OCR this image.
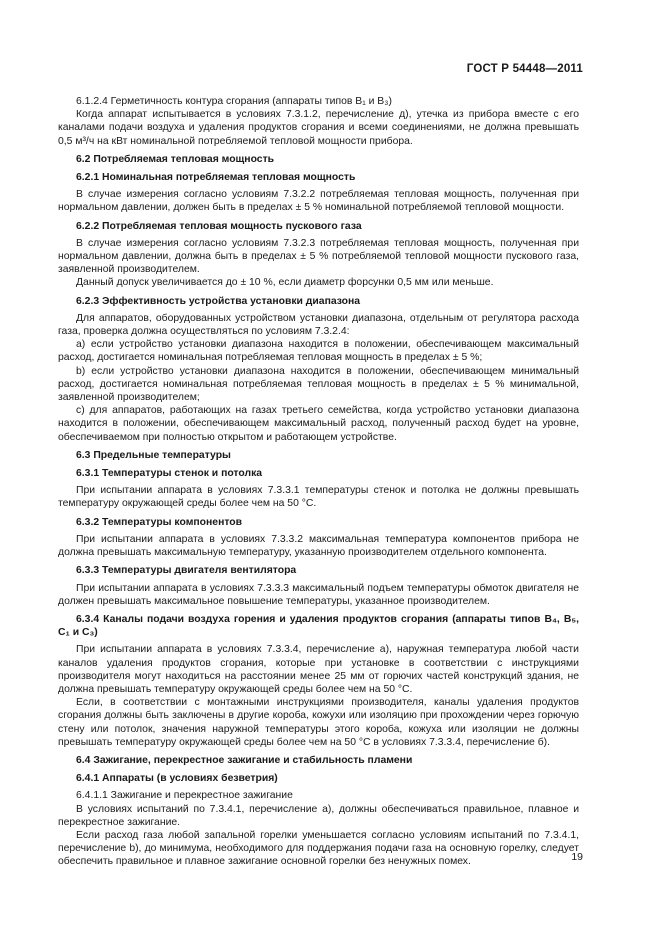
ГОСТ Р 54448—2011

6.1.2.4 Герметичность контура сгорания (аппараты типов B₁ и B₃)

Когда аппарат испытывается в условиях 7.3.1.2, перечисление д), утечка из прибора вместе с его каналами подачи воздуха и удаления продуктов сгорания и всеми соединениями, не должна превышать 0,5 м³/ч на кВт номинальной потребляемой тепловой мощности прибора.

6.2 Потребляемая тепловая мощность

6.2.1 Номинальная потребляемая тепловая мощность

В случае измерения согласно условиям 7.3.2.2 потребляемая тепловая мощность, полученная при нормальном давлении, должен быть в пределах ± 5 % номинальной потребляемой тепловой мощности.

6.2.2 Потребляемая тепловая мощность пускового газа

В случае измерения согласно условиям 7.3.2.3 потребляемая тепловая мощность, полученная при нормальном давлении, должна быть в пределах ± 5 % потребляемой тепловой мощности пускового газа, заявленной производителем.

Данный допуск увеличивается до ± 10 %, если диаметр форсунки 0,5 мм или меньше.

6.2.3 Эффективность устройства установки диапазона

Для аппаратов, оборудованных устройством установки диапазона, отдельным от регулятора расхода газа, проверка должна осуществляться по условиям 7.3.2.4:

а) если устройство установки диапазона находится в положении, обеспечивающем максимальный расход, достигается номинальная потребляемая тепловая мощность в пределах ± 5 %;

b) если устройство установки диапазона находится в положении, обеспечивающем минимальный расход, достигается номинальная потребляемая тепловая мощность в пределах ± 5 % минимальной, заявленной производителем;

с) для аппаратов, работающих на газах третьего семейства, когда устройство установки диапазона находится в положении, обеспечивающем максимальный расход, полученный расход будет на уровне, обеспечиваемом при полностью открытом и работающем устройстве.

6.3 Предельные температуры

6.3.1 Температуры стенок и потолка

При испытании аппарата в условиях 7.3.3.1 температуры стенок и потолка не должны превышать температуру окружающей среды более чем на 50 °С.

6.3.2 Температуры компонентов

При испытании аппарата в условиях 7.3.3.2 максимальная температура компонентов прибора не должна превышать максимальную температуру, указанную производителем отдельного компонента.

6.3.3 Температуры двигателя вентилятора

При испытании аппарата в условиях 7.3.3.3 максимальный подъем температуры обмоток двигателя не должен превышать максимальное повышение температуры, указанное производителем.

6.3.4 Каналы подачи воздуха горения и удаления продуктов сгорания (аппараты типов B₄, B₅, C₁ и C₃)

При испытании аппарата в условиях 7.3.3.4, перечисление а), наружная температура любой части каналов удаления продуктов сгорания, которые при установке в соответствии с инструкциями производителя могут находиться на расстоянии менее 25 мм от горючих частей конструкций здания, не должна превышать температуру окружающей среды более чем на 50 °С.

Если, в соответствии с монтажными инструкциями производителя, каналы удаления продуктов сгорания должны быть заключены в другие короба, кожухи или изоляцию при прохождении через горючую стену или потолок, значения наружной температуры этого короба, кожуха или изоляции не должны превышать температуру окружающей среды более чем на 50 °С в условиях 7.3.3.4, перечисление б).

6.4 Зажигание, перекрестное зажигание и стабильность пламени

6.4.1 Аппараты (в условиях безветрия)

6.4.1.1 Зажигание и перекрестное зажигание

В условиях испытаний по 7.3.4.1, перечисление а), должны обеспечиваться правильное, плавное и перекрестное зажигание.

Если расход газа любой запальной горелки уменьшается согласно условиям испытаний по 7.3.4.1, перечисление b), до минимума, необходимого для поддержания подачи газа на основную горелку, следует обеспечить правильное и плавное зажигание основной горелки без ненужных помех.	19
